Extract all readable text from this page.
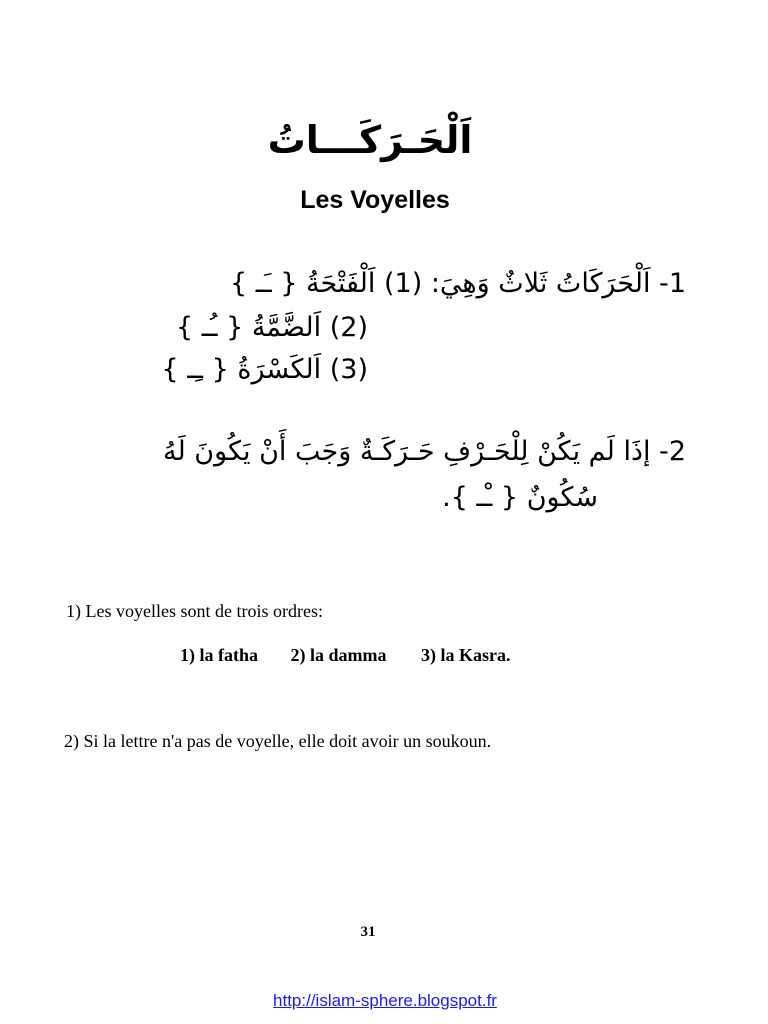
اَلْحَـرَكَـــاتُ
Les Voyelles
1- اَلْحَرَكَاتُ ثَلاثٌ وَهِيَ: (1) اَلْفَتْحَةُ { ـَـ }
(2) اَلضَّمَّةُ { ـُـ }
(3) اَلكَسْرَةُ { ـِـ }
2- إذَا لَم يَكُنْ لِلْحَـرْفِ حَـرَكَـةٌ وَجَبَ أَنْ يَكُونَ لَهُ
سُكُونٌ { ـْـ }.
1) Les voyelles sont de trois ordres:
1) la fatha 2) la damma 3) la Kasra.
2) Si la lettre n'a pas de voyelle, elle doit avoir un soukoun.
31
http://islam-sphere.blogspot.fr
